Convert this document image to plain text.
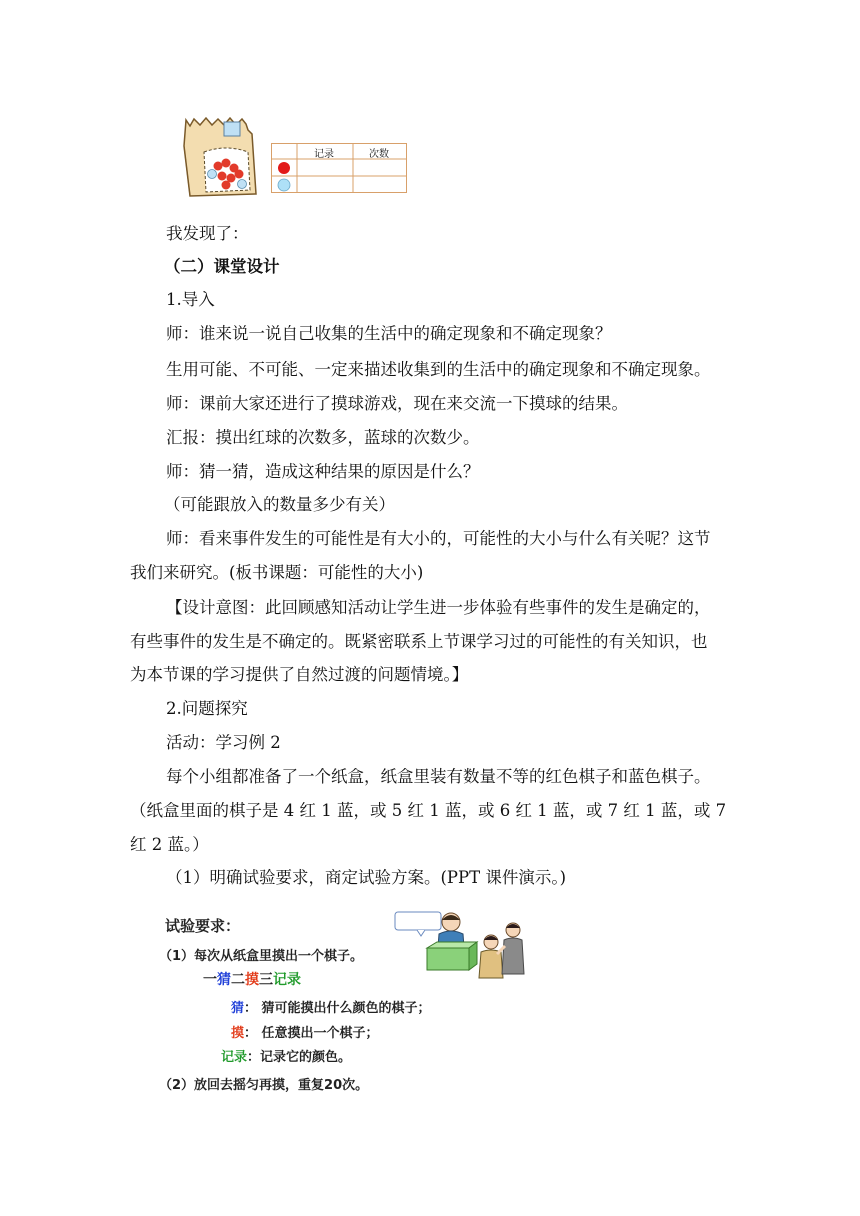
记录	次数
我发现了：
（二）课堂设计
1.导入
师：谁来说一说自己收集的生活中的确定现象和不确定现象？
生用可能、不可能、一定来描述收集到的生活中的确定现象和不确定现象。
师：课前大家还进行了摸球游戏，现在来交流一下摸球的结果。
汇报：摸出红球的次数多，蓝球的次数少。
师：猜一猜，造成这种结果的原因是什么？
（可能跟放入的数量多少有关）
师：看来事件发生的可能性是有大小的，可能性的大小与什么有关呢？这节
我们来研究。(板书课题：可能性的大小)
【设计意图：此回顾感知活动让学生进一步体验有些事件的发生是确定的，
有些事件的发生是不确定的。既紧密联系上节课学习过的可能性的有关知识，也
为本节课的学习提供了自然过渡的问题情境。】
2.问题探究
活动：学习例 2
每个小组都准备了一个纸盒，纸盒里装有数量不等的红色棋子和蓝色棋子。
（纸盒里面的棋子是 4 红 1 蓝，或 5 红 1 蓝，或 6 红 1 蓝，或 7 红 1 蓝，或 7
红 2 蓝。）
（1）明确试验要求，商定试验方案。(PPT 课件演示。)
试验要求：
（1）每次从纸盒里摸出一个棋子。
一猜二摸三记录
猜： 猜可能摸出什么颜色的棋子；
摸： 任意摸出一个棋子；
记录：记录它的颜色。
（2）放回去摇匀再摸，重复20次。
